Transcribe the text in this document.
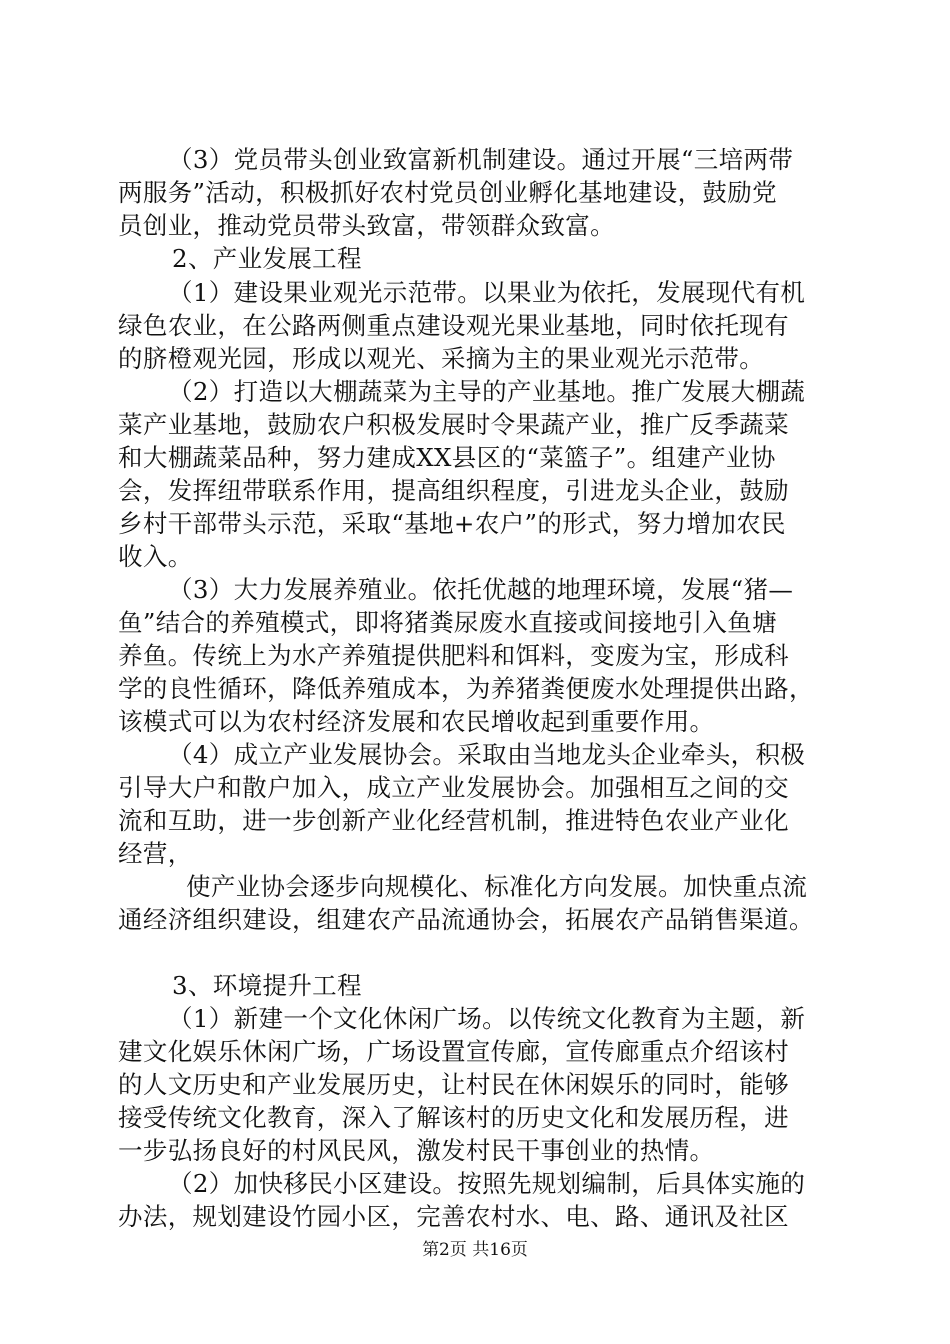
（3）党员带头创业致富新机制建设。通过开展“三培两带
两服务”活动，积极抓好农村党员创业孵化基地建设，鼓励党
员创业，推动党员带头致富，带领群众致富。
2、产业发展工程
（1）建设果业观光示范带。以果业为依托，发展现代有机
绿色农业，在公路两侧重点建设观光果业基地，同时依托现有
的脐橙观光园，形成以观光、采摘为主的果业观光示范带。
（2）打造以大棚蔬菜为主导的产业基地。推广发展大棚蔬
菜产业基地，鼓励农户积极发展时令果蔬产业，推广反季蔬菜
和大棚蔬菜品种，努力建成XX县区的“菜篮子”。组建产业协
会，发挥纽带联系作用，提高组织程度，引进龙头企业，鼓励
乡村干部带头示范，采取“基地+农户”的形式，努力增加农民
收入。
（3）大力发展养殖业。依托优越的地理环境，发展“猪—
鱼”结合的养殖模式，即将猪粪尿废水直接或间接地引入鱼塘
养鱼。传统上为水产养殖提供肥料和饵料，变废为宝，形成科
学的良性循环，降低养殖成本，为养猪粪便废水处理提供出路，
该模式可以为农村经济发展和农民增收起到重要作用。
（4）成立产业发展协会。采取由当地龙头企业牵头，积极
引导大户和散户加入，成立产业发展协会。加强相互之间的交
流和互助，进一步创新产业化经营机制，推进特色农业产业化
经营，
使产业协会逐步向规模化、标准化方向发展。加快重点流
通经济组织建设，组建农产品流通协会，拓展农产品销售渠道。
3、环境提升工程
（1）新建一个文化休闲广场。以传统文化教育为主题，新
建文化娱乐休闲广场，广场设置宣传廊，宣传廊重点介绍该村
的人文历史和产业发展历史，让村民在休闲娱乐的同时，能够
接受传统文化教育，深入了解该村的历史文化和发展历程，进
一步弘扬良好的村风民风，激发村民干事创业的热情。
（2）加快移民小区建设。按照先规划编制，后具体实施的
办法，规划建设竹园小区，完善农村水、电、路、通讯及社区
第2页 共16页
